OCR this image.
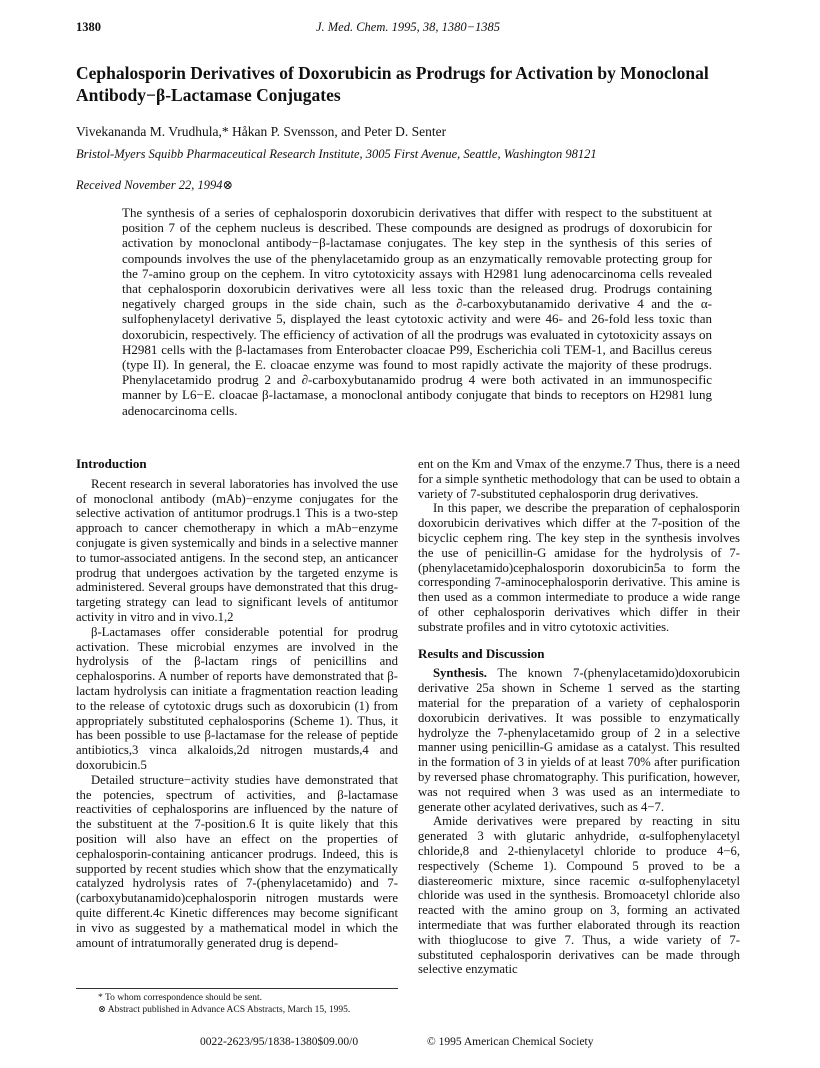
1380	J. Med. Chem. 1995, 38, 1380−1385
Cephalosporin Derivatives of Doxorubicin as Prodrugs for Activation by Monoclonal Antibody−β-Lactamase Conjugates
Vivekananda M. Vrudhula,* Håkan P. Svensson, and Peter D. Senter
Bristol-Myers Squibb Pharmaceutical Research Institute, 3005 First Avenue, Seattle, Washington 98121
Received November 22, 1994⊗
The synthesis of a series of cephalosporin doxorubicin derivatives that differ with respect to the substituent at position 7 of the cephem nucleus is described. These compounds are designed as prodrugs of doxorubicin for activation by monoclonal antibody−β-lactamase conjugates. The key step in the synthesis of this series of compounds involves the use of the phenylacetamido group as an enzymatically removable protecting group for the 7-amino group on the cephem. In vitro cytotoxicity assays with H2981 lung adenocarcinoma cells revealed that cephalosporin doxorubicin derivatives were all less toxic than the released drug. Prodrugs containing negatively charged groups in the side chain, such as the ∂-carboxybutanamido derivative 4 and the α-sulfophenylacetyl derivative 5, displayed the least cytotoxic activity and were 46- and 26-fold less toxic than doxorubicin, respectively. The efficiency of activation of all the prodrugs was evaluated in cytotoxicity assays on H2981 cells with the β-lactamases from Enterobacter cloacae P99, Escherichia coli TEM-1, and Bacillus cereus (type II). In general, the E. cloacae enzyme was found to most rapidly activate the majority of these prodrugs. Phenylacetamido prodrug 2 and ∂-carboxybutanamido prodrug 4 were both activated in an immunospecific manner by L6−E. cloacae β-lactamase, a monoclonal antibody conjugate that binds to receptors on H2981 lung adenocarcinoma cells.
Introduction

Recent research in several laboratories has involved the use of monoclonal antibody (mAb)−enzyme conjugates for the selective activation of antitumor prodrugs.1 This is a two-step approach to cancer chemotherapy in which a mAb−enzyme conjugate is given systemically and binds in a selective manner to tumor-associated antigens. In the second step, an anticancer prodrug that undergoes activation by the targeted enzyme is administered. Several groups have demonstrated that this drug-targeting strategy can lead to significant levels of antitumor activity in vitro and in vivo.1,2

β-Lactamases offer considerable potential for prodrug activation. These microbial enzymes are involved in the hydrolysis of the β-lactam rings of penicillins and cephalosporins. A number of reports have demonstrated that β-lactam hydrolysis can initiate a fragmentation reaction leading to the release of cytotoxic drugs such as doxorubicin (1) from appropriately substituted cephalosporins (Scheme 1). Thus, it has been possible to use β-lactamase for the release of peptide antibiotics,3 vinca alkaloids,2d nitrogen mustards,4 and doxorubicin.5

Detailed structure−activity studies have demonstrated that the potencies, spectrum of activities, and β-lactamase reactivities of cephalosporins are influenced by the nature of the substituent at the 7-position.6 It is quite likely that this position will also have an effect on the properties of cephalosporin-containing anticancer prodrugs. Indeed, this is supported by recent studies which show that the enzymatically catalyzed hydrolysis rates of 7-(phenylacetamido) and 7-(carboxybutanamido)cephalosporin nitrogen mustards were quite different.4c Kinetic differences may become significant in vivo as suggested by a mathematical model in which the amount of intratumorally generated drug is depend-

ent on the Km and Vmax of the enzyme.7 Thus, there is a need for a simple synthetic methodology that can be used to obtain a variety of 7-substituted cephalosporin drug derivatives.

In this paper, we describe the preparation of cephalosporin doxorubicin derivatives which differ at the 7-position of the bicyclic cephem ring. The key step in the synthesis involves the use of penicillin-G amidase for the hydrolysis of 7-(phenylacetamido)cephalosporin doxorubicin5a to form the corresponding 7-aminocephalosporin derivative. This amine is then used as a common intermediate to produce a wide range of other cephalosporin derivatives which differ in their substrate profiles and in vitro cytotoxic activities.

Results and Discussion

Synthesis. The known 7-(phenylacetamido)doxorubicin derivative 25a shown in Scheme 1 served as the starting material for the preparation of a variety of cephalosporin doxorubicin derivatives. It was possible to enzymatically hydrolyze the 7-phenylacetamido group of 2 in a selective manner using penicillin-G amidase as a catalyst. This resulted in the formation of 3 in yields of at least 70% after purification by reversed phase chromatography. This purification, however, was not required when 3 was used as an intermediate to generate other acylated derivatives, such as 4−7.

Amide derivatives were prepared by reacting in situ generated 3 with glutaric anhydride, α-sulfophenylacetyl chloride,8 and 2-thienylacetyl chloride to produce 4−6, respectively (Scheme 1). Compound 5 proved to be a diastereomeric mixture, since racemic α-sulfophenylacetyl chloride was used in the synthesis. Bromoacetyl chloride also reacted with the amino group on 3, forming an activated intermediate that was further elaborated through its reaction with thioglucose to give 7. Thus, a wide variety of 7-substituted cephalosporin derivatives can be made through selective enzymatic

* To whom correspondence should be sent.

⊗ Abstract published in Advance ACS Abstracts, March 15, 1995.

0022-2623/95/1838-1380$09.00/0	© 1995 American Chemical Society
